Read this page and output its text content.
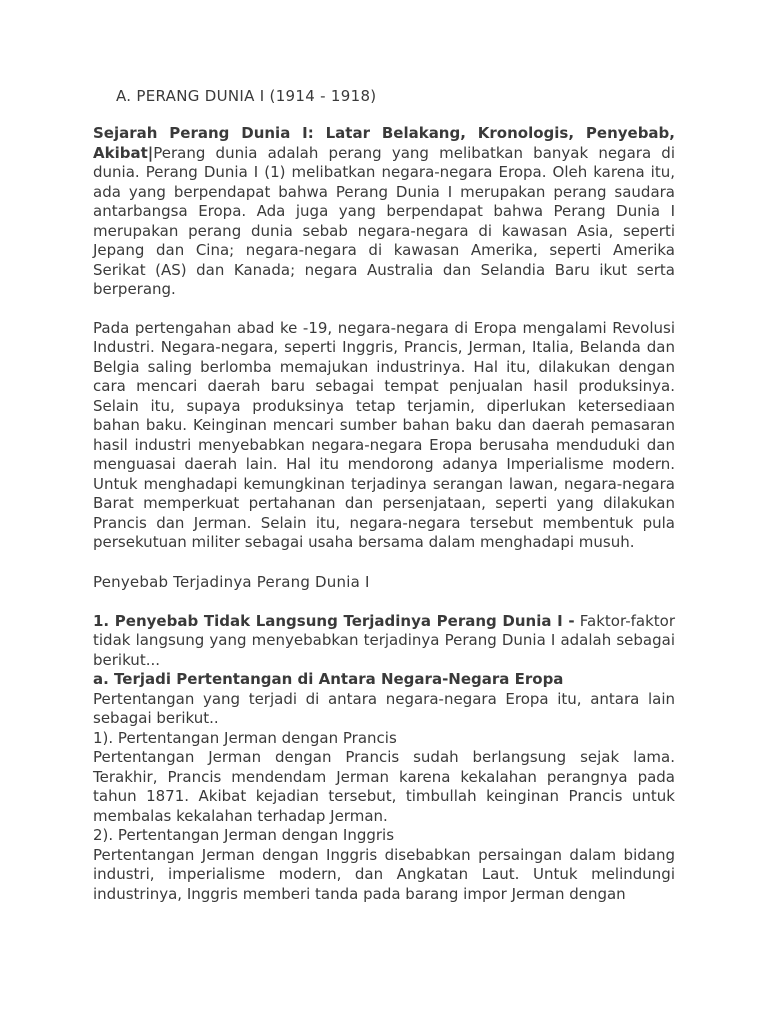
A. PERANG DUNIA I (1914 - 1918)

Sejarah Perang Dunia I: Latar Belakang, Kronologis, Penyebab, Akibat|Perang dunia adalah perang yang melibatkan banyak negara di dunia. Perang Dunia I (1) melibatkan negara-negara Eropa. Oleh karena itu, ada yang berpendapat bahwa Perang Dunia I merupakan perang saudara antarbangsa Eropa. Ada juga yang berpendapat bahwa Perang Dunia I merupakan perang dunia sebab negara-negara di kawasan Asia, seperti Jepang dan Cina; negara-negara di kawasan Amerika, seperti Amerika Serikat (AS) dan Kanada; negara Australia dan Selandia Baru ikut serta berperang.

Pada pertengahan abad ke -19, negara-negara di Eropa mengalami Revolusi Industri. Negara-negara, seperti Inggris, Prancis, Jerman, Italia, Belanda dan Belgia saling berlomba memajukan industrinya. Hal itu, dilakukan dengan cara mencari daerah baru sebagai tempat penjualan hasil produksinya. Selain itu, supaya produksinya tetap terjamin, diperlukan ketersediaan bahan baku. Keinginan mencari sumber bahan baku dan daerah pemasaran hasil industri menyebabkan negara-negara Eropa berusaha menduduki dan menguasai daerah lain. Hal itu mendorong adanya Imperialisme modern. Untuk menghadapi kemungkinan terjadinya serangan lawan, negara-negara Barat memperkuat pertahanan dan persenjataan, seperti yang dilakukan Prancis dan Jerman. Selain itu, negara-negara tersebut membentuk pula persekutuan militer sebagai usaha bersama dalam menghadapi musuh.

Penyebab Terjadinya Perang Dunia I

1. Penyebab Tidak Langsung Terjadinya Perang Dunia I - Faktor-faktor tidak langsung yang menyebabkan terjadinya Perang Dunia I adalah sebagai berikut...

a. Terjadi Pertentangan di Antara Negara-Negara Eropa

Pertentangan yang terjadi di antara negara-negara Eropa itu, antara lain sebagai berikut..

1). Pertentangan Jerman dengan Prancis

Pertentangan Jerman dengan Prancis sudah berlangsung sejak lama. Terakhir, Prancis mendendam Jerman karena kekalahan perangnya pada tahun 1871. Akibat kejadian tersebut, timbullah keinginan Prancis untuk membalas kekalahan terhadap Jerman.

2). Pertentangan Jerman dengan Inggris

Pertentangan Jerman dengan Inggris disebabkan persaingan dalam bidang industri, imperialisme modern, dan Angkatan Laut. Untuk melindungi industrinya, Inggris memberi tanda pada barang impor Jerman dengan
